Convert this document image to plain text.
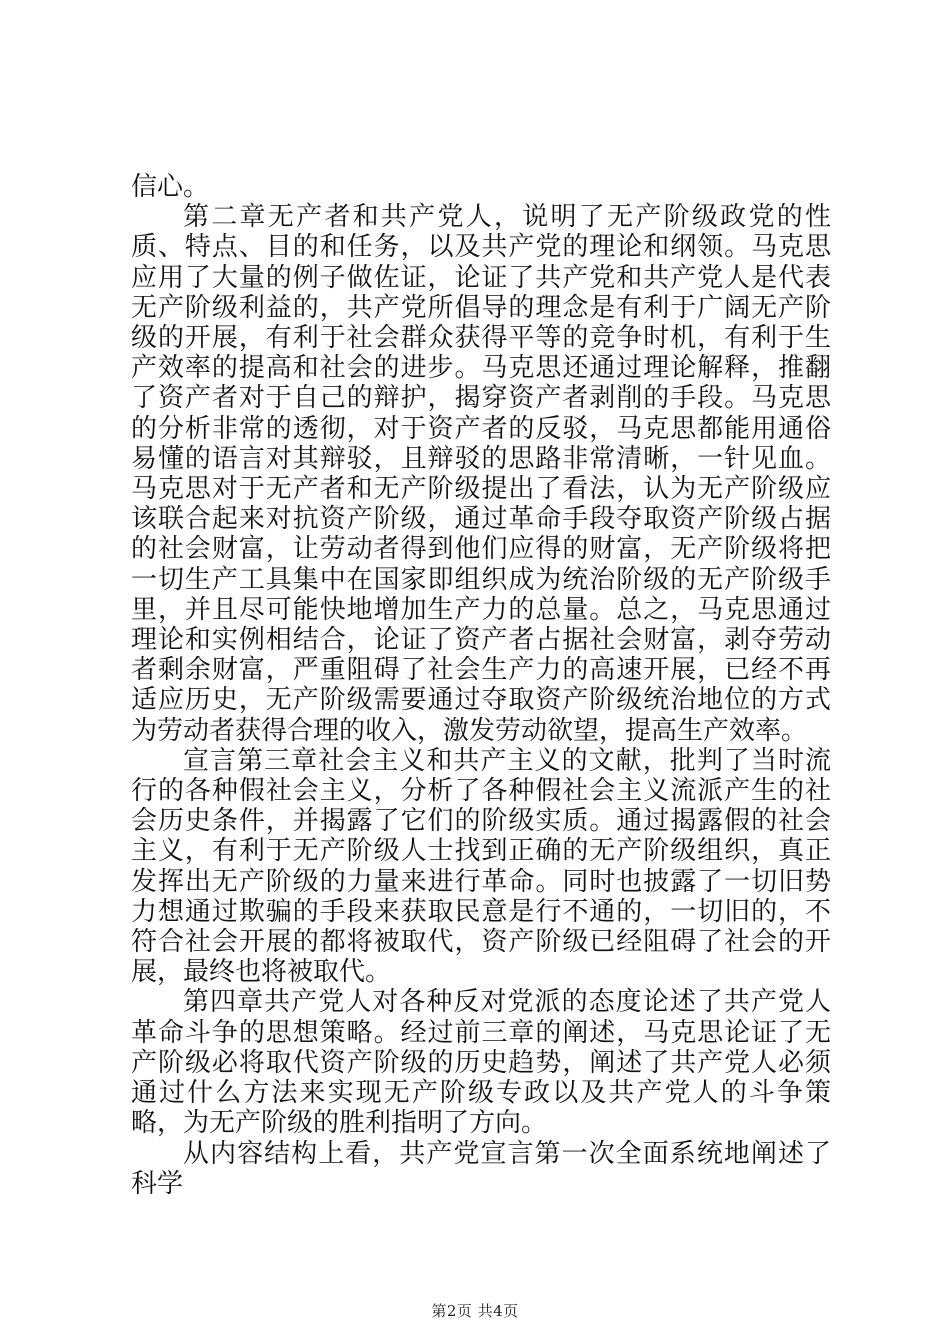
信心。

第二章无产者和共产党人，说明了无产阶级政党的性质、特点、目的和任务，以及共产党的理论和纲领。马克思应用了大量的例子做佐证，论证了共产党和共产党人是代表无产阶级利益的，共产党所倡导的理念是有利于广阔无产阶级的开展，有利于社会群众获得平等的竞争时机，有利于生产效率的提高和社会的进步。马克思还通过理论解释，推翻了资产者对于自己的辩护，揭穿资产者剥削的手段。马克思的分析非常的透彻，对于资产者的反驳，马克思都能用通俗易懂的语言对其辩驳，且辩驳的思路非常清晰，一针见血。马克思对于无产者和无产阶级提出了看法，认为无产阶级应该联合起来对抗资产阶级，通过革命手段夺取资产阶级占据的社会财富，让劳动者得到他们应得的财富，无产阶级将把一切生产工具集中在国家即组织成为统治阶级的无产阶级手里，并且尽可能快地增加生产力的总量。总之，马克思通过理论和实例相结合，论证了资产者占据社会财富，剥夺劳动者剩余财富，严重阻碍了社会生产力的高速开展，已经不再适应历史，无产阶级需要通过夺取资产阶级统治地位的方式为劳动者获得合理的收入，激发劳动欲望，提高生产效率。

宣言第三章社会主义和共产主义的文献，批判了当时流行的各种假社会主义，分析了各种假社会主义流派产生的社会历史条件，并揭露了它们的阶级实质。通过揭露假的社会主义，有利于无产阶级人士找到正确的无产阶级组织，真正发挥出无产阶级的力量来进行革命。同时也披露了一切旧势力想通过欺骗的手段来获取民意是行不通的，一切旧的，不符合社会开展的都将被取代，资产阶级已经阻碍了社会的开展，最终也将被取代。

第四章共产党人对各种反对党派的态度论述了共产党人革命斗争的思想策略。经过前三章的阐述，马克思论证了无产阶级必将取代资产阶级的历史趋势，阐述了共产党人必须通过什么方法来实现无产阶级专政以及共产党人的斗争策略，为无产阶级的胜利指明了方向。

从内容结构上看，共产党宣言第一次全面系统地阐述了科学

第2页 共4页
